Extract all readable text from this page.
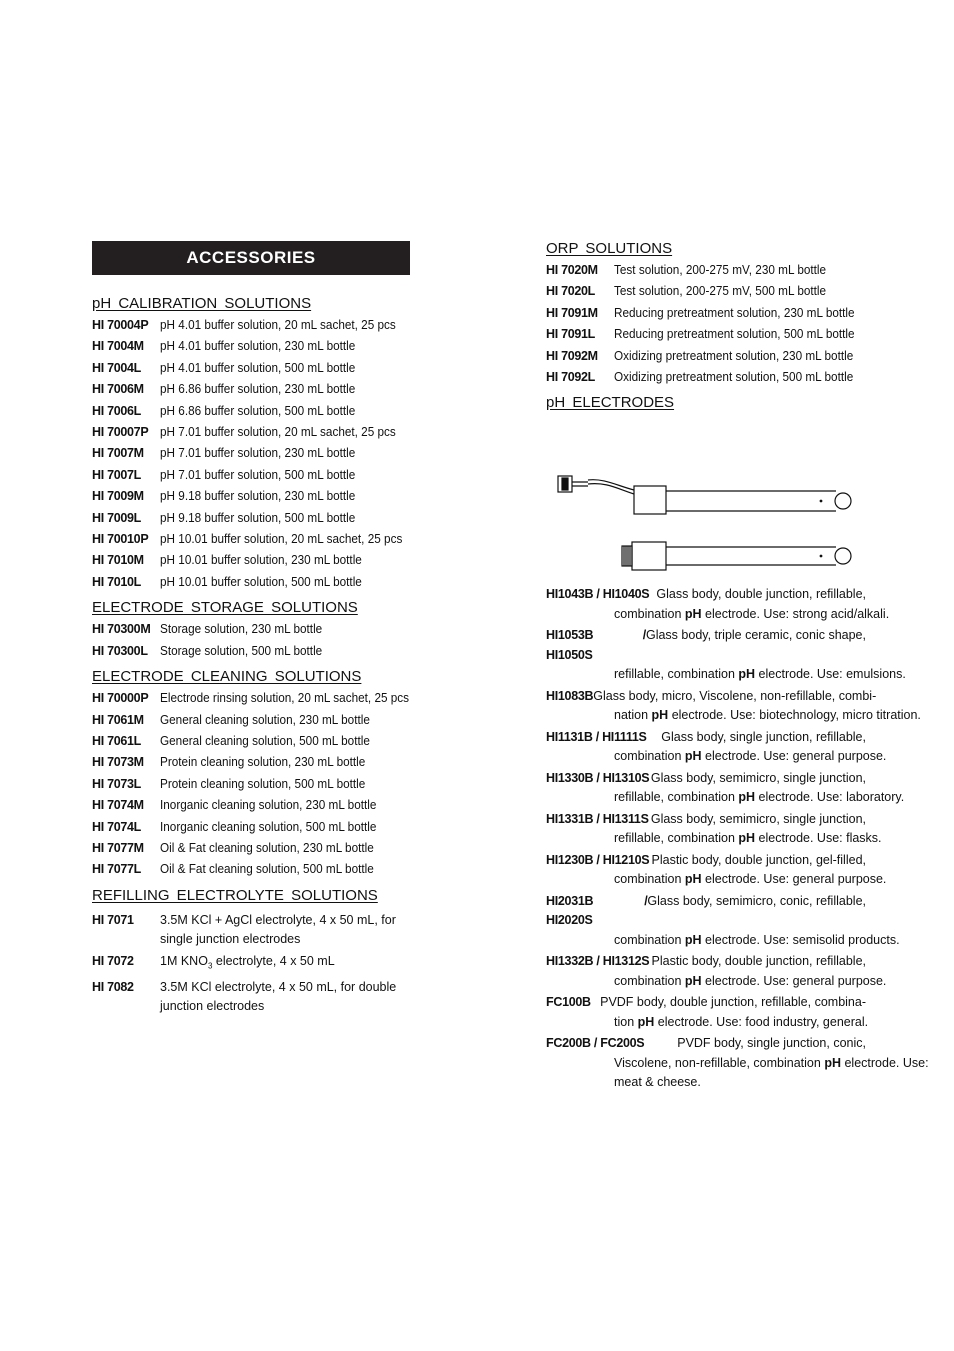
ACCESSORIES
pH CALIBRATION SOLUTIONS
HI 70004P pH 4.01 buffer solution, 20 mL sachet, 25 pcs
HI 7004M	pH 4.01 buffer solution, 230 mL bottle
HI 7004L	pH 4.01 buffer solution, 500 mL bottle
HI 7006M	pH 6.86 buffer solution, 230 mL bottle
HI 7006L	pH 6.86 buffer solution, 500 mL bottle
HI 70007P pH 7.01 buffer solution, 20 mL sachet, 25 pcs
HI 7007M	pH 7.01 buffer solution, 230 mL bottle
HI 7007L	pH 7.01 buffer solution, 500 mL bottle
HI 7009M	pH 9.18 buffer solution, 230 mL bottle
HI 7009L	pH 9.18 buffer solution, 500 mL bottle
HI 70010P pH 10.01 buffer solution, 20 mL sachet, 25 pcs
HI 7010M	pH 10.01 buffer solution, 230 mL bottle
HI 7010L	pH 10.01 buffer solution, 500 mL bottle
ELECTRODE STORAGE SOLUTIONS
HI 70300M Storage solution, 230 mL bottle
HI 70300L Storage solution, 500 mL bottle
ELECTRODE CLEANING SOLUTIONS
HI 70000P Electrode rinsing solution, 20 mL sachet, 25 pcs
HI 7061M	General cleaning solution, 230 mL bottle
HI 7061L	General cleaning solution, 500 mL bottle
HI 7073M	Protein cleaning solution, 230 mL bottle
HI 7073L	Protein cleaning solution, 500 mL bottle
HI 7074M	Inorganic cleaning solution, 230 mL bottle
HI 7074L	Inorganic cleaning solution, 500 mL bottle
HI 7077M	Oil & Fat cleaning solution, 230 mL bottle
HI 7077L	Oil & Fat cleaning solution, 500 mL bottle
REFILLING ELECTROLYTE SOLUTIONS
HI 7071	3.5M KCl + AgCl electrolyte, 4 x 50 mL, for single junction electrodes
HI 7072	1M $KNO_3$ electrolyte, 4 x 50 mL
HI 7082	3.5M KCl electrolyte, 4 x 50 mL, for double junction electrodes
ORP SOLUTIONS
HI 7020M	Test solution, 200-275 mV, 230 mL bottle
HI 7020L	Test solution, 200-275 mV, 500 mL bottle
HI 7091M	Reducing pretreatment solution, 230 mL bottle
HI 7091L	Reducing pretreatment solution, 500 mL bottle
HI 7092M	Oxidizing pretreatment solution, 230 mL bottle
HI 7092L	Oxidizing pretreatment solution, 500 mL bottle
pH ELECTRODES
HI1043B / HI1040S Glass body, double junction, refillable,
combination pH electrode. Use: strong acid/alkali.
HI1053B / HI1050S
Glass body, triple ceramic, conic shape,
refillable, combination pH electrode. Use: emulsions.
HI1083B Glass body, micro, Viscolene, non-refillable, combi-
nation pH electrode. Use: biotechnology, micro titration.
HI1131B / HI1111S	Glass body, single junction, refillable,
combination pH electrode. Use: general purpose.
HI1330B / HI1310S Glass body, semimicro, single junction,
refillable, combination pH electrode. Use: laboratory.
HI1331B / HI1311S Glass body, semimicro, single junction,
refillable, combination pH electrode. Use: flasks.
HI1230B / HI1210S Plastic body, double junction, gel-filled,
combination pH electrode. Use: general purpose.
HI2031B / HI2020S
Glass body, semimicro, conic, refillable,
combination pH electrode. Use: semisolid products.
HI1332B / HI1312S Plastic body, double junction, refillable,
combination pH electrode. Use: general purpose.
FC100B PVDF body, double junction, refillable, combina-
tion pH electrode. Use: food industry, general.
FC200B / FC200S	PVDF body, single junction, conic,
Viscolene, non-refillable, combination pH electrode. Use:
meat & cheese.
